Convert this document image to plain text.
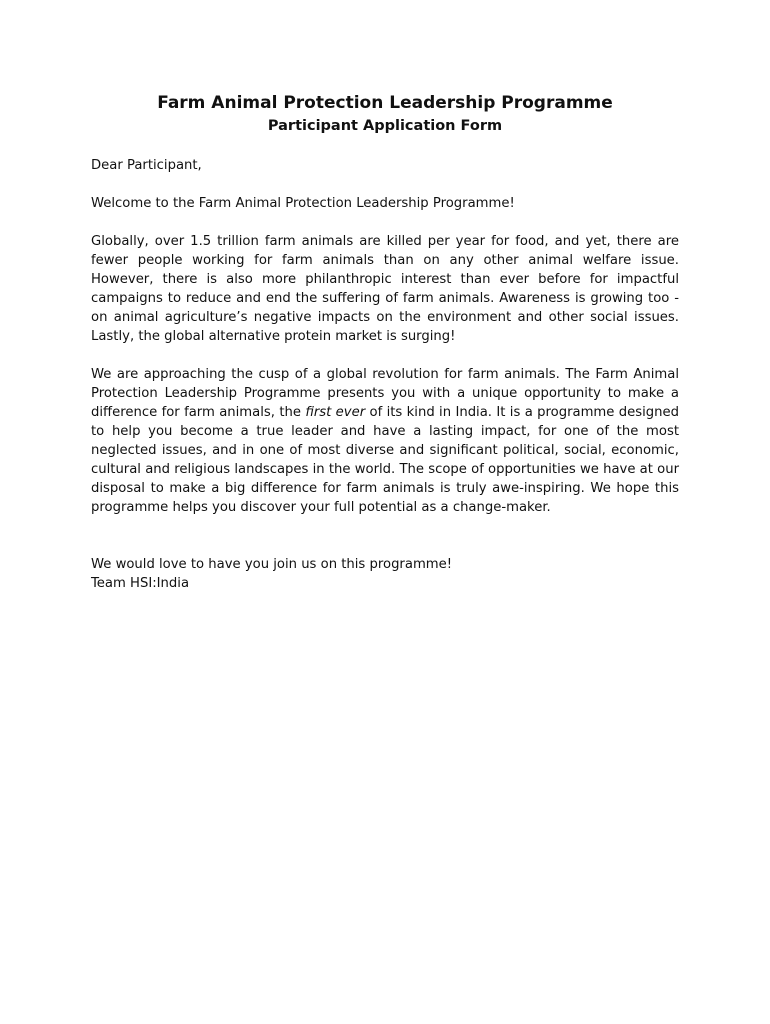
Farm Animal Protection Leadership Programme
Participant Application Form

Dear Participant,

Welcome to the Farm Animal Protection Leadership Programme!

Globally, over 1.5 trillion farm animals are killed per year for food, and yet, there are fewer people working for farm animals than on any other animal welfare issue. However, there is also more philanthropic interest than ever before for impactful campaigns to reduce and end the suffering of farm animals. Awareness is growing too - on animal agriculture’s negative impacts on the environment and other social issues. Lastly, the global alternative protein market is surging!

We are approaching the cusp of a global revolution for farm animals. The Farm Animal Protection Leadership Programme presents you with a unique opportunity to make a difference for farm animals, the first ever of its kind in India. It is a programme designed to help you become a true leader and have a lasting impact, for one of the most neglected issues, and in one of most diverse and significant political, social, economic, cultural and religious landscapes in the world. The scope of opportunities we have at our disposal to make a big difference for farm animals is truly awe-inspiring. We hope this programme helps you discover your full potential as a change-maker.

We would love to have you join us on this programme!

Team HSI:India
